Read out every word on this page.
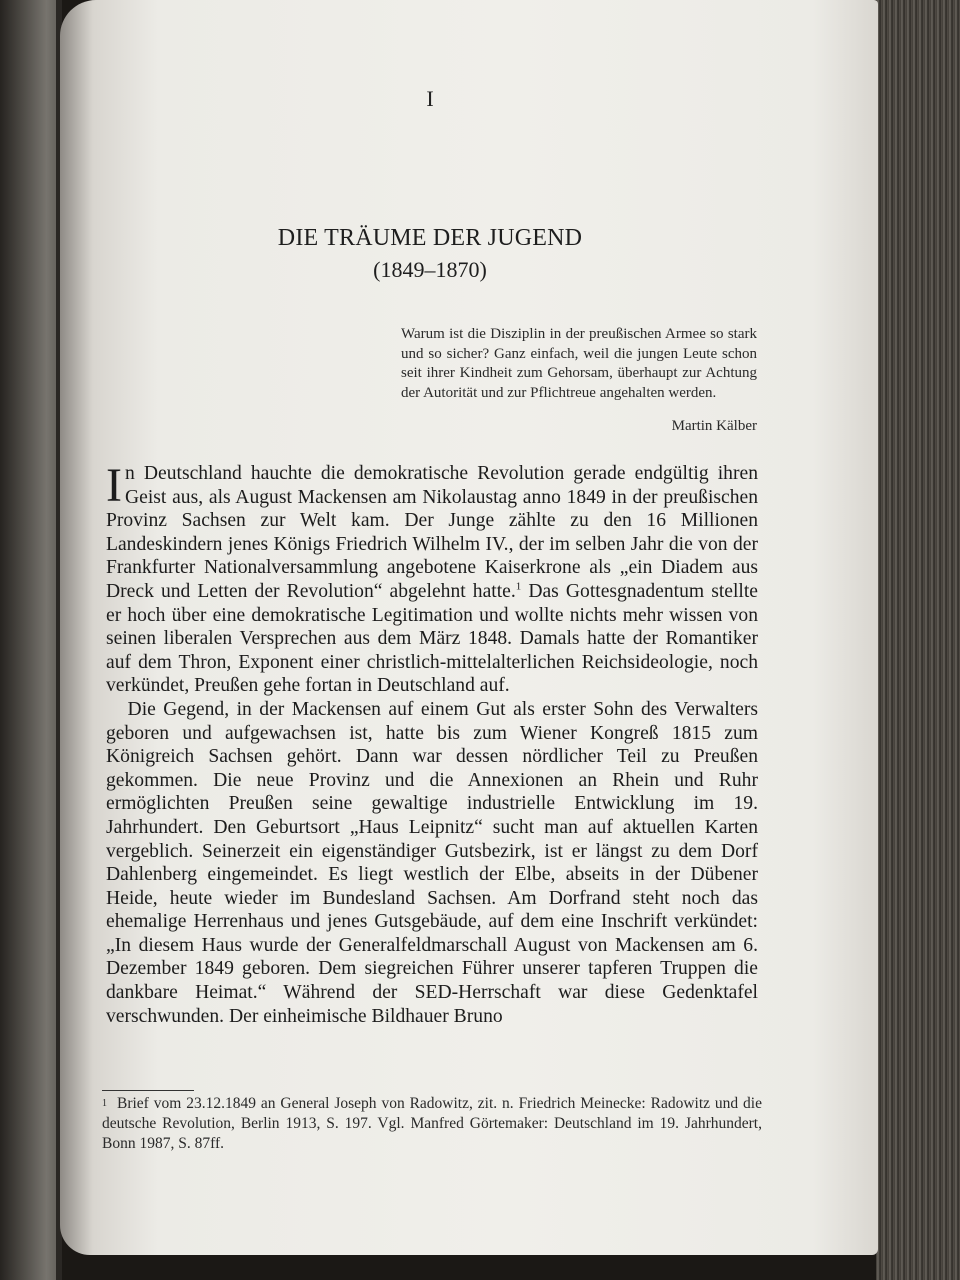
I
DIE TRÄUME DER JUGEND
(1849–1870)
Warum ist die Disziplin in der preußischen Armee so stark und so sicher? Ganz einfach, weil die jungen Leute schon seit ihrer Kindheit zum Gehorsam, überhaupt zur Achtung der Autorität und zur Pflichtreue angehalten werden.
Martin Kälber

In Deutschland hauchte die demokratische Revolution gerade endgültig ihren Geist aus, als August Mackensen am Nikolaustag anno 1849 in der preußischen Provinz Sachsen zur Welt kam. Der Junge zählte zu den 16 Millionen Landeskindern jenes Königs Friedrich Wilhelm IV., der im selben Jahr die von der Frankfurter Nationalversammlung angebotene Kaiserkrone als „ein Diadem aus Dreck und Letten der Revolution“ abgelehnt hatte.$^1$ Das Gottesgnadentum stellte er hoch über eine demokratische Legitimation und wollte nichts mehr wissen von seinen liberalen Versprechen aus dem März 1848. Damals hatte der Romantiker auf dem Thron, Exponent einer christlich-mittelalterlichen Reichsideologie, noch verkündet, Preußen gehe fortan in Deutschland auf.

Die Gegend, in der Mackensen auf einem Gut als erster Sohn des Verwalters geboren und aufgewachsen ist, hatte bis zum Wiener Kongreß 1815 zum Königreich Sachsen gehört. Dann war dessen nördlicher Teil zu Preußen gekommen. Die neue Provinz und die Annexionen an Rhein und Ruhr ermöglichten Preußen seine gewaltige industrielle Entwicklung im 19. Jahrhundert. Den Geburtsort „Haus Leipnitz“ sucht man auf aktuellen Karten vergeblich. Seinerzeit ein eigenständiger Gutsbezirk, ist er längst zu dem Dorf Dahlenberg eingemeindet. Es liegt westlich der Elbe, abseits in der Dübener Heide, heute wieder im Bundesland Sachsen. Am Dorfrand steht noch das ehemalige Herrenhaus und jenes Gutsgebäude, auf dem eine Inschrift verkündet: „In diesem Haus wurde der Generalfeldmarschall August von Mackensen am 6. Dezember 1849 geboren. Dem siegreichen Führer unserer tapferen Truppen die dankbare Heimat.“ Während der SED-Herrschaft war diese Gedenktafel verschwunden. Der einheimische Bildhauer Bruno

$^1$ Brief vom 23.12.1849 an General Joseph von Radowitz, zit. n. Friedrich Meinecke: Radowitz und die deutsche Revolution, Berlin 1913, S. 197. Vgl. Manfred Görtemaker: Deutschland im 19. Jahrhundert, Bonn 1987, S. 87ff.
